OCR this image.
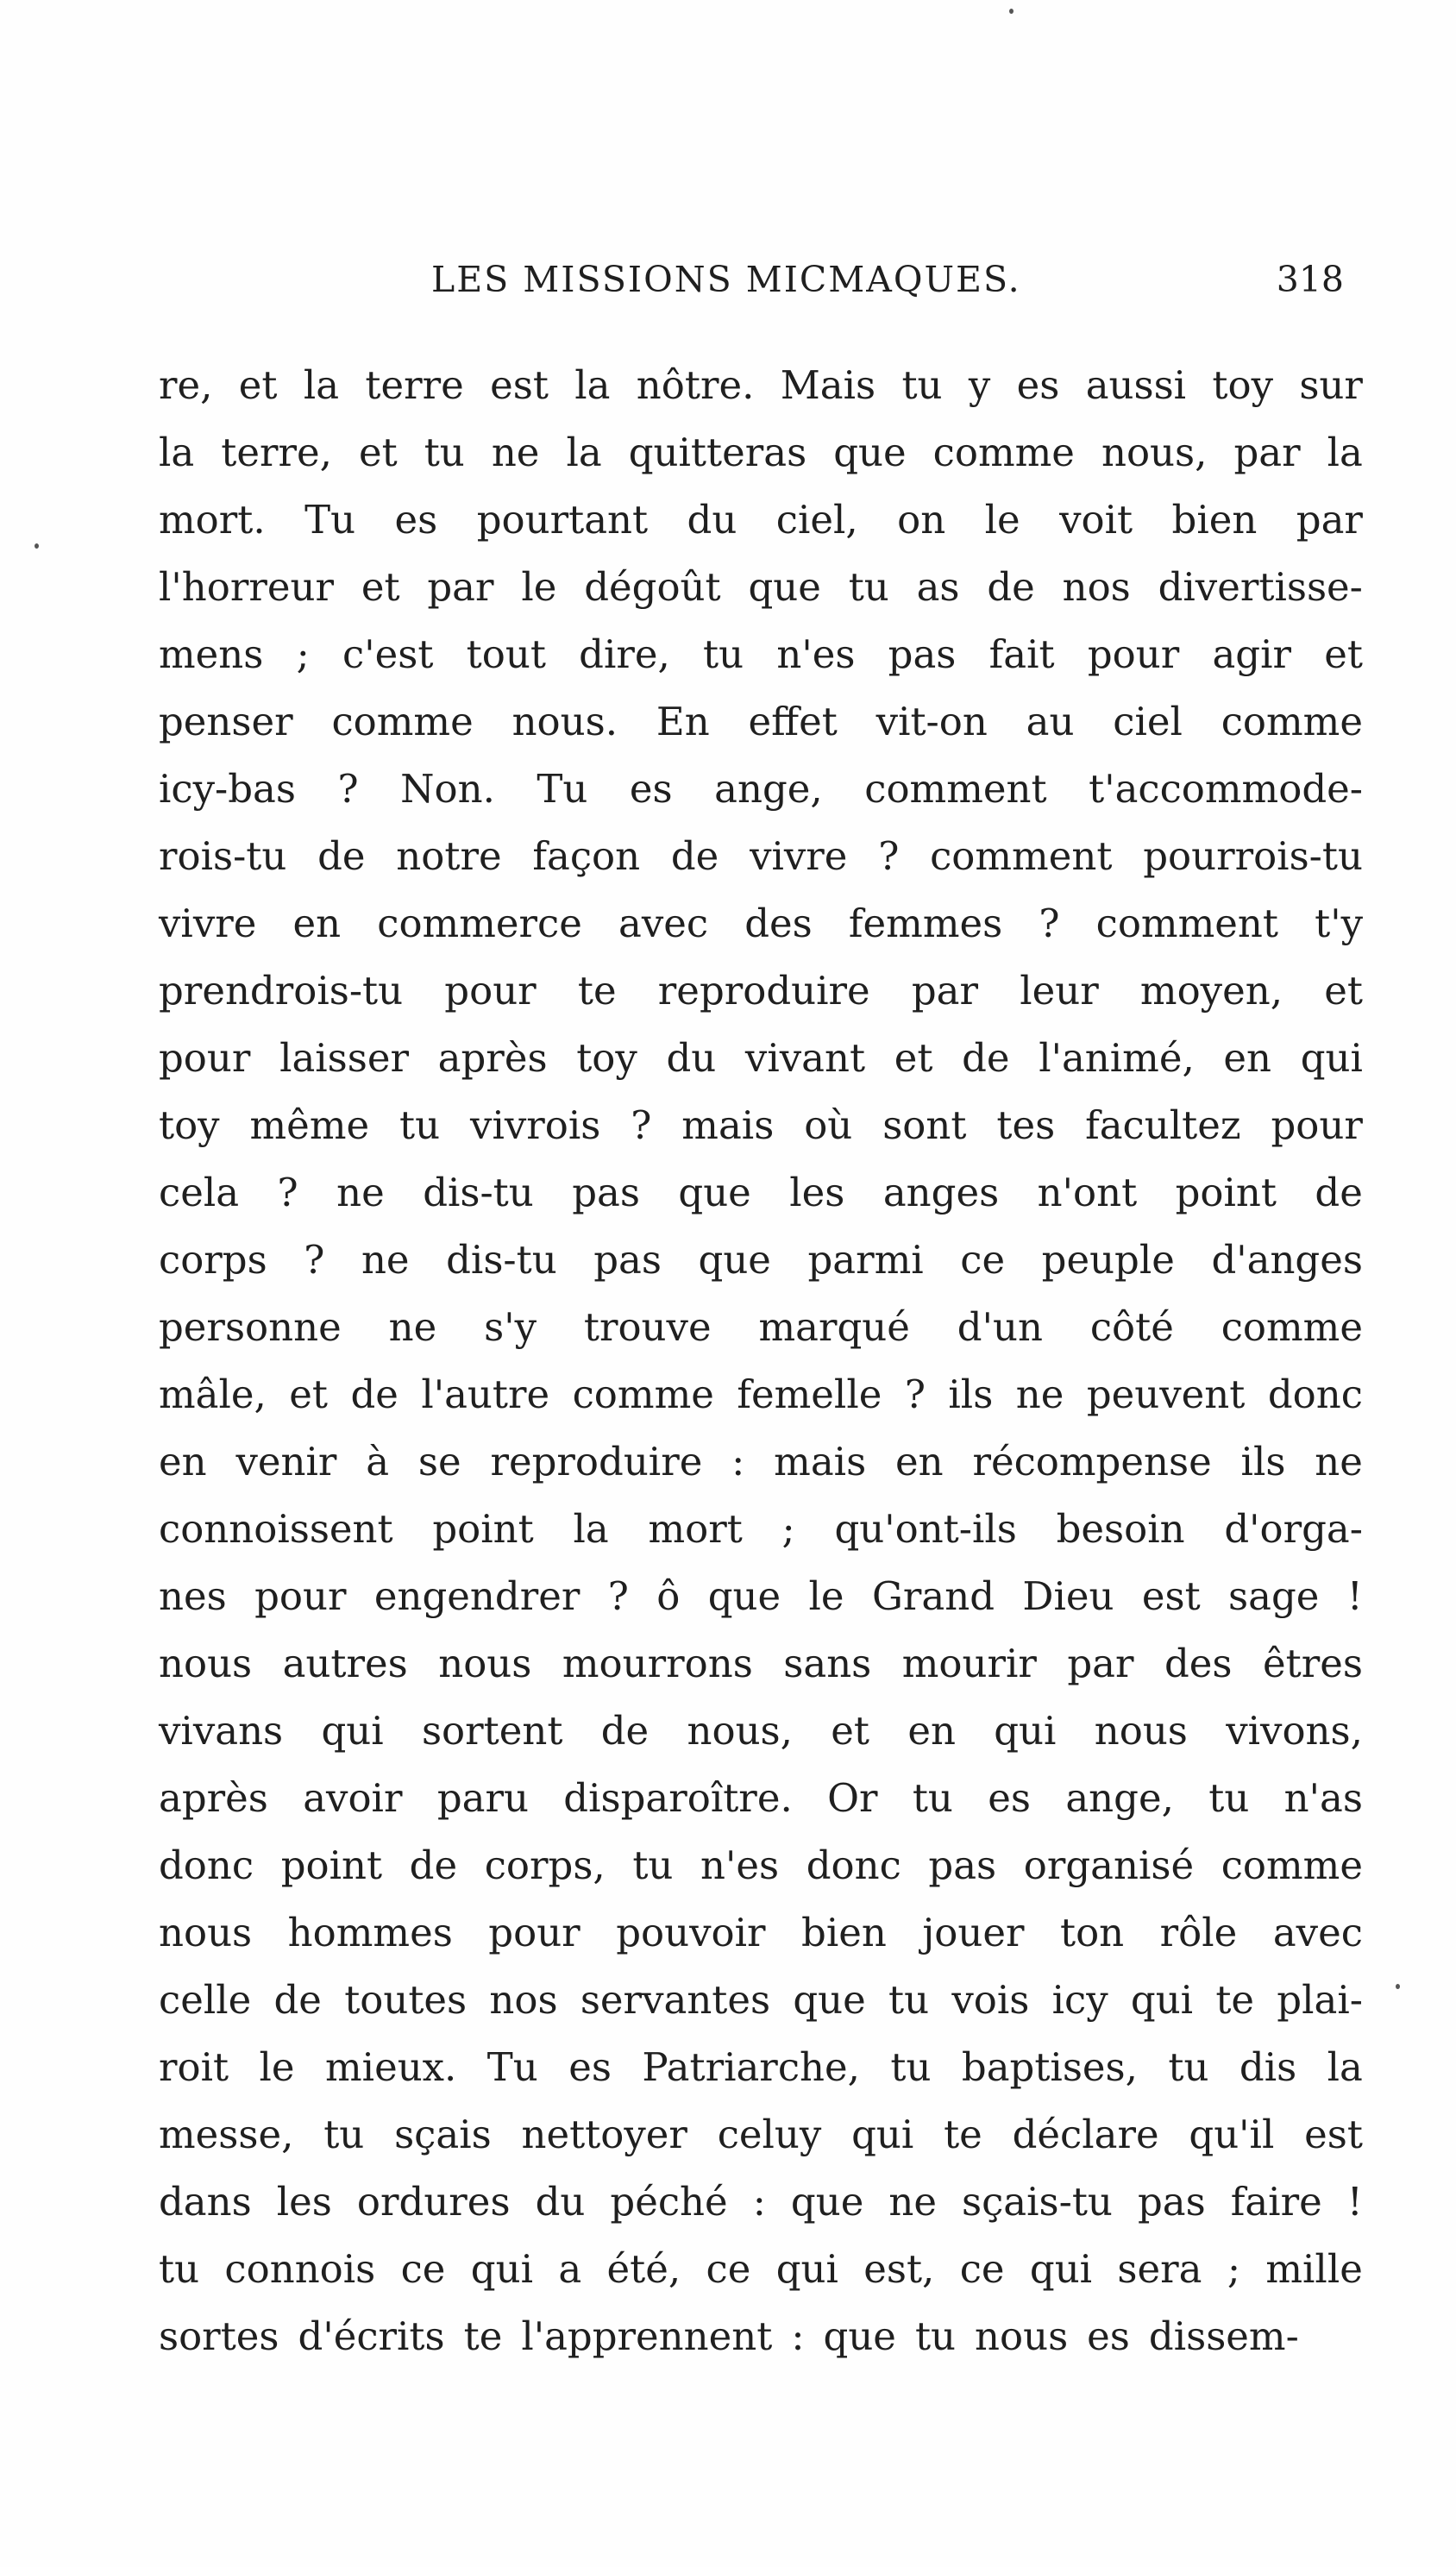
LES MISSIONS MICMAQUES.	318
re, et la terre est la nôtre. Mais tu y es aussi toy sur
la terre, et tu ne la quitteras que comme nous, par la
mort. Tu es pourtant du ciel, on le voit bien par
l'horreur et par le dégoût que tu as de nos divertisse-
mens ; c'est tout dire, tu n'es pas fait pour agir et
penser comme nous. En effet vit-on au ciel comme
icy-bas ? Non. Tu es ange, comment t'accommode-
rois-tu de notre façon de vivre ? comment pourrois-tu
vivre en commerce avec des femmes ? comment t'y
prendrois-tu pour te reproduire par leur moyen, et
pour laisser après toy du vivant et de l'animé, en qui
toy même tu vivrois ? mais où sont tes facultez pour
cela ? ne dis-tu pas que les anges n'ont point de
corps ? ne dis-tu pas que parmi ce peuple d'anges
personne ne s'y trouve marqué d'un côté comme
mâle, et de l'autre comme femelle ? ils ne peuvent donc
en venir à se reproduire : mais en récompense ils ne
connoissent point la mort ; qu'ont-ils besoin d'orga-
nes pour engendrer ? ô que le Grand Dieu est sage !
nous autres nous mourrons sans mourir par des êtres
vivans qui sortent de nous, et en qui nous vivons,
après avoir paru disparoître. Or tu es ange, tu n'as
donc point de corps, tu n'es donc pas organisé comme
nous hommes pour pouvoir bien jouer ton rôle avec
celle de toutes nos servantes que tu vois icy qui te plai-
roit le mieux. Tu es Patriarche, tu baptises, tu dis la
messe, tu sçais nettoyer celuy qui te déclare qu'il est
dans les ordures du péché : que ne sçais-tu pas faire !
tu connois ce qui a été, ce qui est, ce qui sera ; mille
sortes d'écrits te l'apprennent : que tu nous es dissem-
